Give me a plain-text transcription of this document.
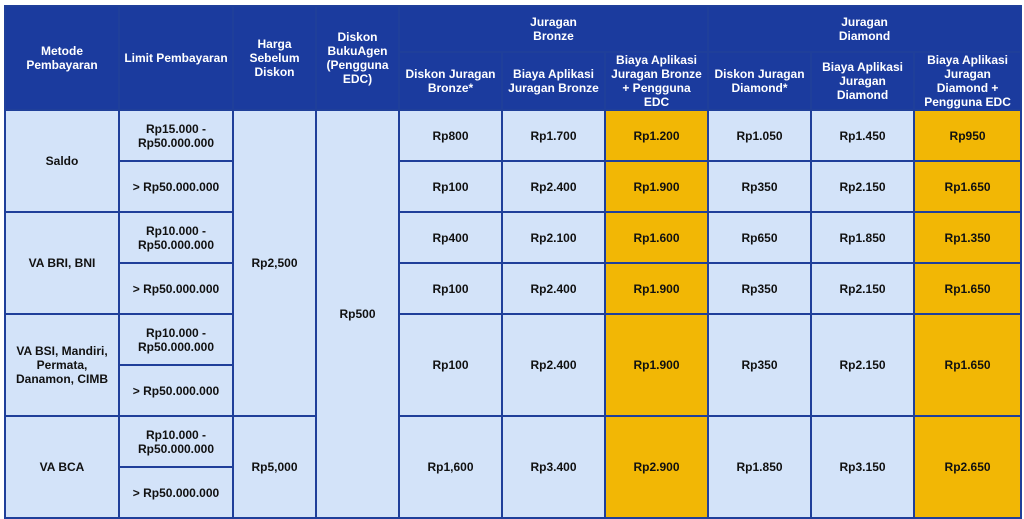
Metode Pembayaran	Limit Pembayaran	Harga Sebelum Diskon	Diskon BukuAgen (Pengguna EDC)	Juragan Bronze			Juragan Diamond		
				Diskon Juragan Bronze*	Biaya Aplikasi Juragan Bronze	Biaya Aplikasi Juragan Bronze + Pengguna EDC	Diskon Juragan Diamond*	Biaya Aplikasi Juragan Diamond	Biaya Aplikasi Juragan Diamond + Pengguna EDC
Saldo	Rp15.000 - Rp50.000.000	Rp2,500	Rp500	Rp800	Rp1.700	Rp1.200	Rp1.050	Rp1.450	Rp950
	> Rp50.000.000			Rp100	Rp2.400	Rp1.900	Rp350	Rp2.150	Rp1.650
VA BRI, BNI	Rp10.000 - Rp50.000.000			Rp400	Rp2.100	Rp1.600	Rp650	Rp1.850	Rp1.350
	> Rp50.000.000			Rp100	Rp2.400	Rp1.900	Rp350	Rp2.150	Rp1.650
VA BSI, Mandiri, Permata, Danamon, CIMB	Rp10.000 - Rp50.000.000			Rp100	Rp2.400	Rp1.900	Rp350	Rp2.150	Rp1.650
	> Rp50.000.000								
VA BCA	Rp10.000 - Rp50.000.000	Rp5,000		Rp1,600	Rp3.400	Rp2.900	Rp1.850	Rp3.150	Rp2.650
	> Rp50.000.000								
